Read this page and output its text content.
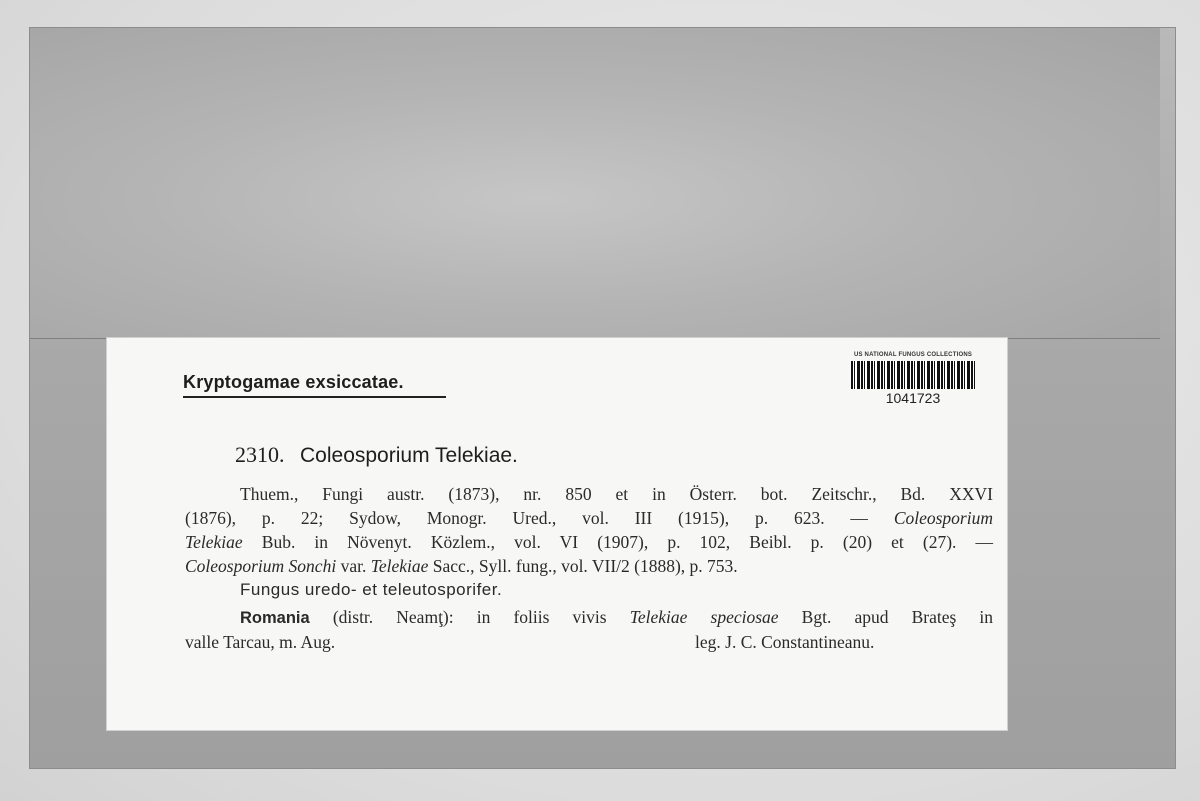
Kryptogamae exsiccatae.
US NATIONAL FUNGUS COLLECTIONS
1041723
2310. Coleosporium Telekiae.
Thuem., Fungi austr. (1873), nr. 850 et in Österr. bot. Zeitschr., Bd. XXVI
(1876), p. 22; Sydow, Monogr. Ured., vol. III (1915), p. 623. — Coleosporium
Telekiae Bub. in Növenyt. Közlem., vol. VI (1907), p. 102, Beibl. p. (20) et (27). —
Coleosporium Sonchi var. Telekiae Sacc., Syll. fung., vol. VII/2 (1888), p. 753.
Fungus uredo- et teleutosporifer.
Romania (distr. Neamţ): in foliis vivis Telekiae speciosae Bgt. apud Brateş in
valle Tarcau, m. Aug.	leg. J. C. Constantineanu.
